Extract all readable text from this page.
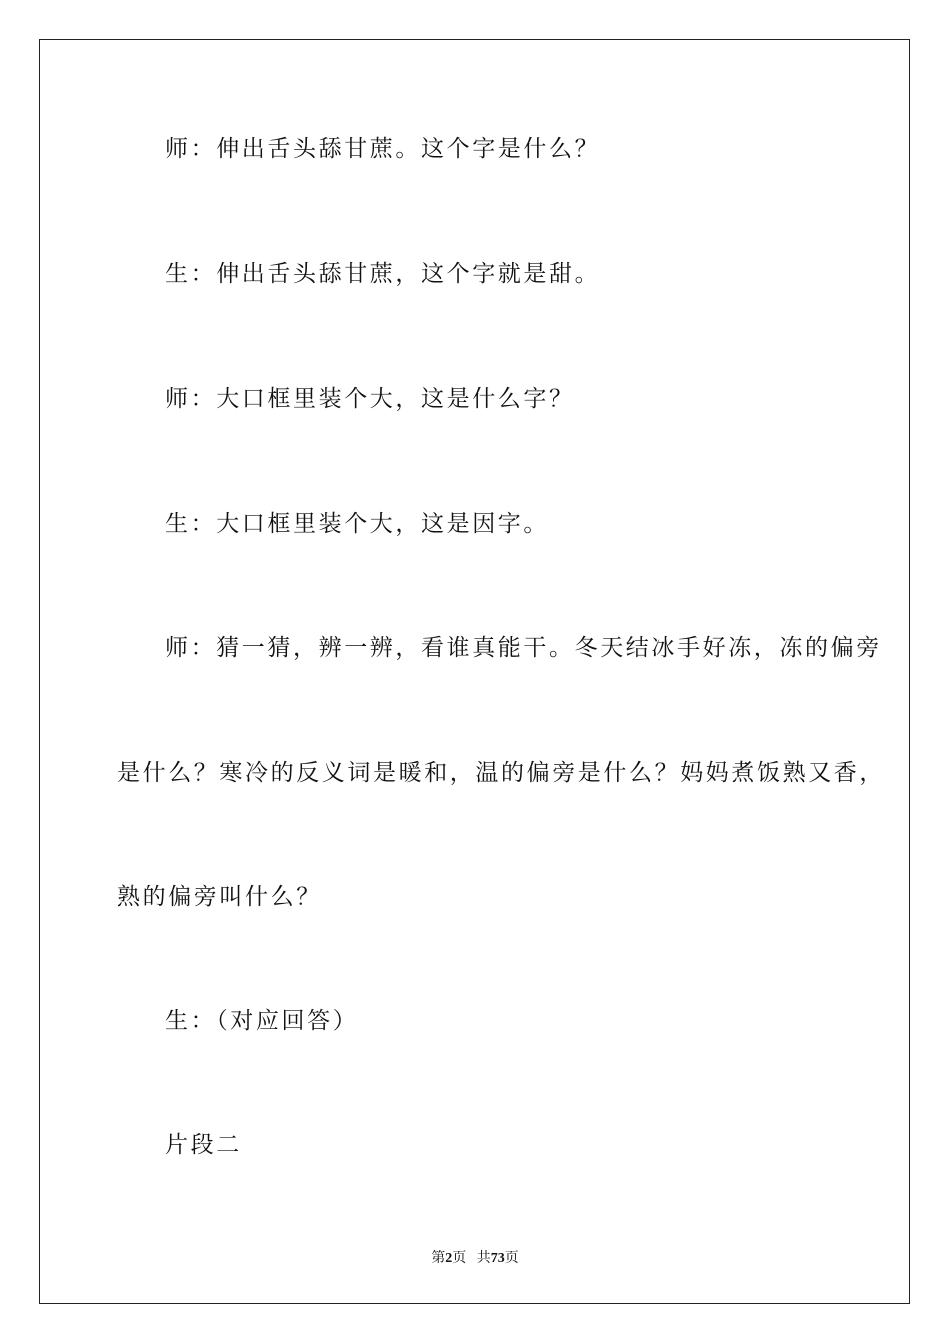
师：伸出舌头舔甘蔗。这个字是什么？
生：伸出舌头舔甘蔗，这个字就是甜。
师：大口框里装个大，这是什么字？
生：大口框里装个大，这是因字。
师：猜一猜，辨一辨，看谁真能干。冬天结冰手好冻，冻的偏旁
是什么？寒冷的反义词是暖和，温的偏旁是什么？妈妈煮饭熟又香，
熟的偏旁叫什么？
生：（对应回答）
片段二
第2页 共73页
